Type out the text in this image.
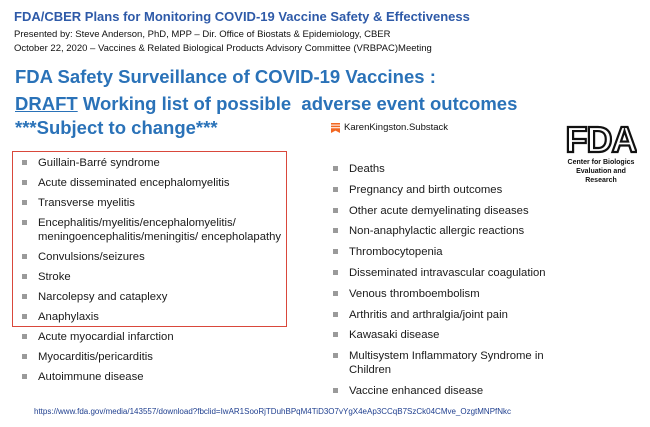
FDA/CBER Plans for Monitoring COVID-19 Vaccine Safety & Effectiveness
Presented by: Steve Anderson, PhD, MPP – Dir. Office of Biostats & Epidemiology, CBER
October 22, 2020 – Vaccines & Related Biological Products Advisory Committee (VRBPAC)Meeting
FDA Safety Surveillance of COVID-19 Vaccines :
DRAFT Working list of possible  adverse event outcomes
***Subject to change***	KarenKingston.Substack	FDA
Center for Biologics
Evaluation and Research
Guillain-Barré syndrome
Acute disseminated encephalomyelitis
Transverse myelitis
Encephalitis/myelitis/encephalomyelitis/ meningoencephalitis/meningitis/ encepholapathy
Convulsions/seizures
Stroke
Narcolepsy and cataplexy
Anaphylaxis
Acute myocardial infarction
Myocarditis/pericarditis
Autoimmune disease
Deaths
Pregnancy and birth outcomes
Other acute demyelinating diseases
Non-anaphylactic allergic reactions
Thrombocytopenia
Disseminated intravascular coagulation
Venous thromboembolism
Arthritis and arthralgia/joint pain
Kawasaki disease
Multisystem Inflammatory Syndrome in Children
Vaccine enhanced disease
https://www.fda.gov/media/143557/download?fbclid=IwAR1SooRjTDuhBPqM4TiD3O7vYgX4eAp3CCqB7SzCk04CMve_OzgtMNPfNkc
